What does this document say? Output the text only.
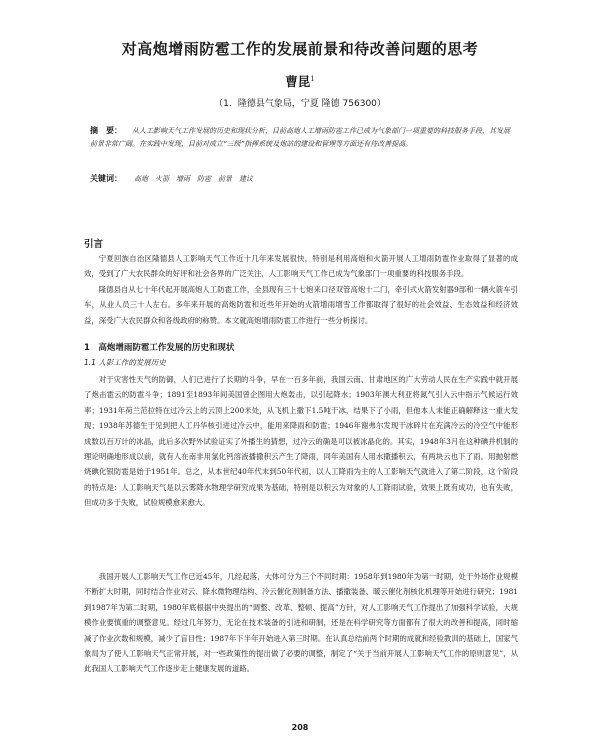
对高炮增雨防雹工作的发展前景和待改善问题的思考
曹昆$^1$
（1．隆德县气象局，宁夏 隆德 756300）
摘　要： 从人工影响天气工作发展的历史和现状分析，目前高炮人工增雨防雹工作已成为气象部门一项重要的科技服务手段，其发展前景非常广阔。在实践中发现，目前对成立“三级”指挥系统及炮站的建设和管理等方面还有待改善提高。
关键词： 高炮　火箭　增雨　防雹　前景　建议
引言

宁夏回族自治区隆德县人工影响天气工作近十几年来发展很快，特别是利用高炮和火箭开展人工增雨防雹作业取得了显著的成效，受到了广大农民群众的好评和社会各界的广泛关注，人工影响天气工作已成为气象部门一项重要的科技服务手段。

隆德县自从七十年代起开展高炮人工防雹工作，全县现有三十七炮来口径双管高炮十二门，牵引式火箭发射器9部和一辆火箭车引车，从业人员三十人左右。多年来开展的高炮防雹和近些年开始的火箭增雨增雪工作都取得了很好的社会效益、生态效益和经济效益，深受广大农民群众和各级政府的称赞。本文就高炮增雨防雹工作进行一些分析探讨。

1　高炮增雨防雹工作发展的历史和现状
1.1 人影工作的发展历史

对于灾害性天气的防御，人们已进行了长期的斗争，早在一百多年前，我国云南、甘肃地区的广大劳动人民在生产实践中就开展了炮击雹云的防雹斗争；1891至1893年间美国曾企图用大炮轰击，以引起降水；1903年澳大利亚将氮气引入云中指示气候运行效率；1931年荷兰范拉特在过冷云上的云顶上200米处，从飞机上撒下1.5吨干冰，结果下了小雨，但他本人未能正确解释这一重大发现；1938年苏德生于见到把人工丹华核引进过冷云中，能用来降雨和防雹；1946年谢弗尔发现干冰碎片在充满冷云的冷空气中能形成数以百万计的冰晶，此后多次野外试验证实了外播生的猜想，过冷云的确是可以被冰晶化的。其实，1948年3月在这种碘并机制的理论明确地形成以前，就有人在南非用氯化钙溶液播撒积云产生了降雨，同年美国有人用水撒播积云，有两块云也下了雨。用抛射燃烧碘化银防雹是始于1951年。总之，从本世纪40年代末到50年代初，以人工降雨为主的人工影响天气就进入了第二阶段，这个阶段的特点是：人工影响天气是以云雾降水物理学研究成果为基础，特别是以积云为对象的人工降雨试验，效果上既有成功，也有失败，但成功多于失败，试验规模愈来愈大。

我国开展人工影响天气工作已近45年，几经起落，大体可分为三个不同时期：1958年到1980年为第一时期，处于外场作业规模不断扩大时期，同时结合作业对云、降水微物理结构、冷云催化剂制备方法、播撒装备、暖云催化剂核化机理等开始进行研究；1981到1987年为第二时期，1980年底根据中央提出的“调整、改革、整顿、提高”方针，对人工影响天气工作提出了加强科学试验，大规模作业要慎重的调整意见。经过几年努力，无论在技术装备的引进和研制，还是在科学研究等方面都有了很大的改善和提高，同时缩减了作业次数和规模，减少了盲目性；1987年下半年开始进入第三时期。在认真总结前两个时期的成就和经验教训的基础上，国家气象局为了使人工影响天气正常开展，对一些政策性的提出做了必要的调整，制定了“关于当前开展人工影响天气工作的原则意见”，从此我国人工影响天气工作逐步走上健康发展的道路。

208
